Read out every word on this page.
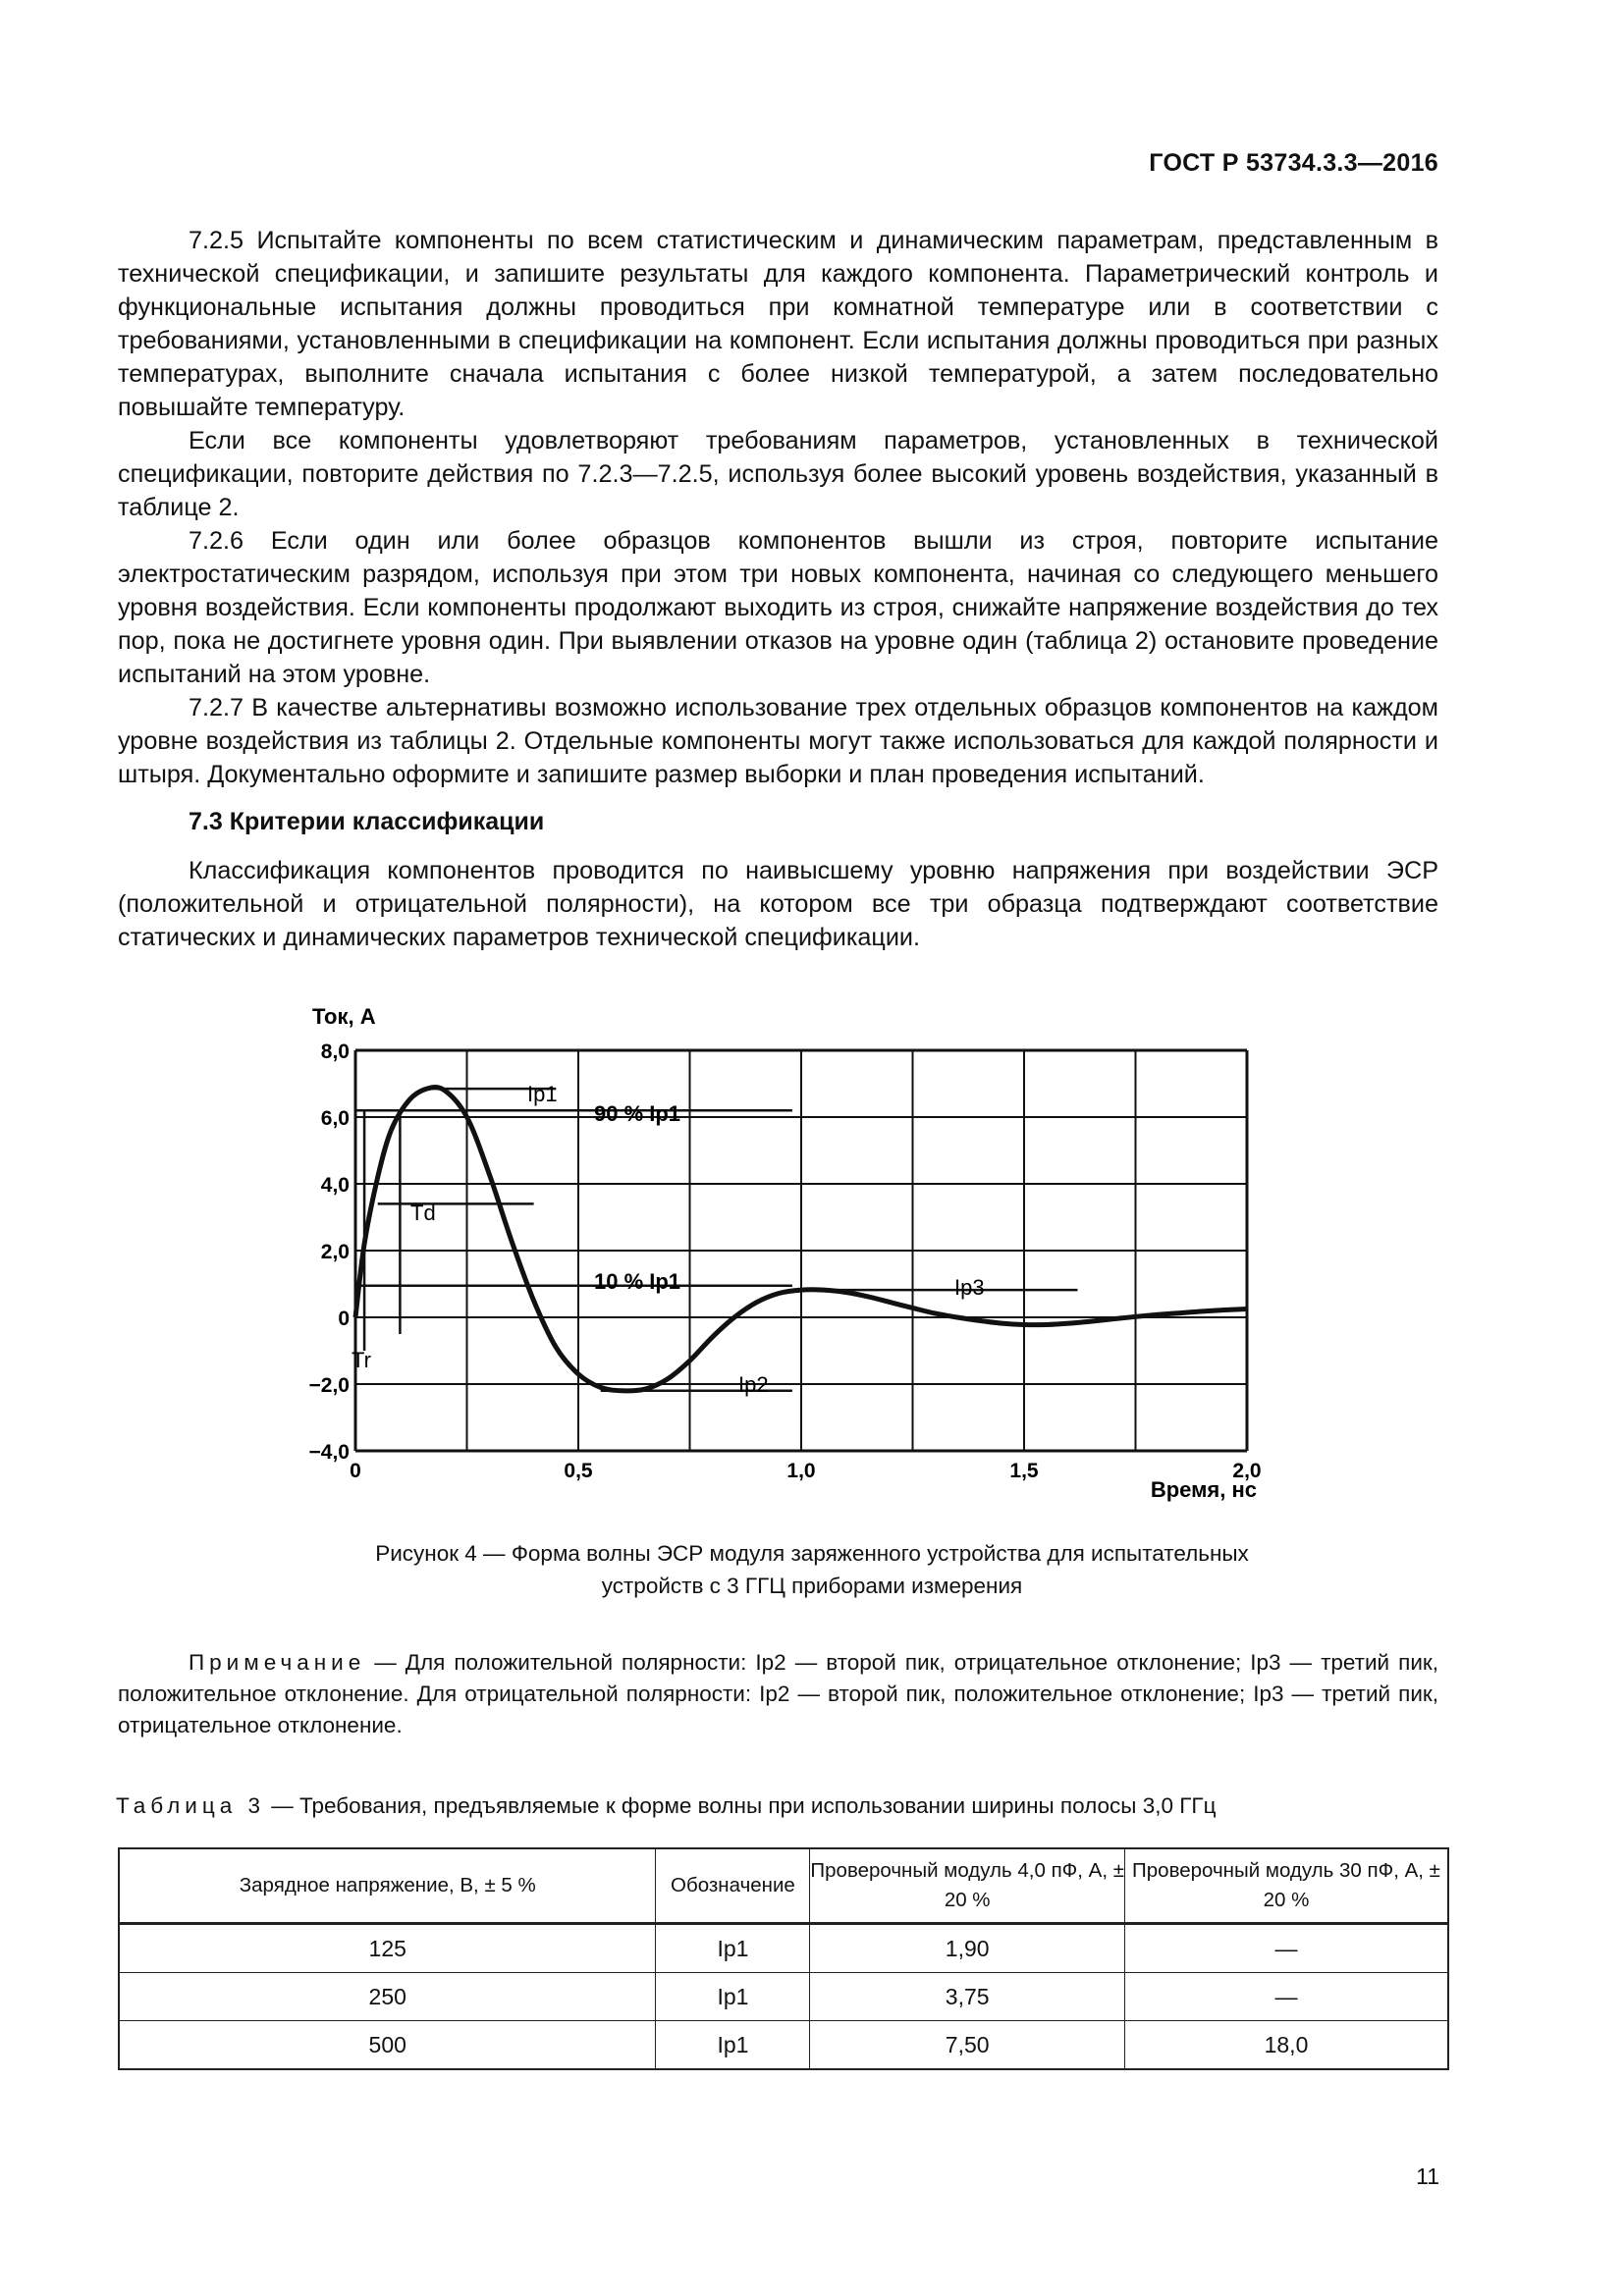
ГОСТ Р 53734.3.3—2016

7.2.5 Испытайте компоненты по всем статистическим и динамическим параметрам, представленным в технической спецификации, и запишите результаты для каждого компонента. Параметрический контроль и функциональные испытания должны проводиться при комнатной температуре или в соответствии с требованиями, установленными в спецификации на компонент. Если испытания должны проводиться при разных температурах, выполните сначала испытания с более низкой температурой, а затем последовательно повышайте температуру.

Если все компоненты удовлетворяют требованиям параметров, установленных в технической спецификации, повторите действия по 7.2.3—7.2.5, используя более высокий уровень воздействия, указанный в таблице 2.

7.2.6 Если один или более образцов компонентов вышли из строя, повторите испытание электростатическим разрядом, используя при этом три новых компонента, начиная со следующего меньшего уровня воздействия. Если компоненты продолжают выходить из строя, снижайте напряжение воздействия до тех пор, пока не достигнете уровня один. При выявлении отказов на уровне один (таблица 2) остановите проведение испытаний на этом уровне.

7.2.7 В качестве альтернативы возможно использование трех отдельных образцов компонентов на каждом уровне воздействия из таблицы 2. Отдельные компоненты могут также использоваться для каждой полярности и штыря. Документально оформите и запишите размер выборки и план проведения испытаний.

7.3 Критерии классификации

Классификация компонентов проводится по наивысшему уровню напряжения при воздействии ЭСР (положительной и отрицательной полярности), на котором все три образца подтверждают соответствие статических и динамических параметров технической спецификации.

8,0
6,0
4,0
2,0
0
−2,0
−4,0
0	0,5	1,0	1,5	2,0
Ток, А
Время, нс
Ip1
90 % Ip1
Td
10 % Ip1	Ip3
Tr
Ip2
Рисунок 4 — Форма волны ЭСР модуля заряженного устройства для испытательных
устройств с 3 ГГЦ приборами измерения
Примечание — Для положительной полярности: Ip2 — второй пик, отрицательное отклонение; Ip3 — третий пик, положительное отклонение. Для отрицательной полярности: Ip2 — второй пик, положительное отклонение; Ip3 — третий пик, отрицательное отклонение.
Таблица 3 — Требования, предъявляемые к форме волны при использовании ширины полосы 3,0 ГГц
Зарядное напряжение, В, ± 5 %	Обозначение	Проверочный модуль 4,0 пФ, А, ± 20 %	Проверочный модуль 30 пФ, А, ± 20 %
125	Ip1	1,90	—
250	Ip1	3,75	—
500	Ip1	7,50	18,0
11
